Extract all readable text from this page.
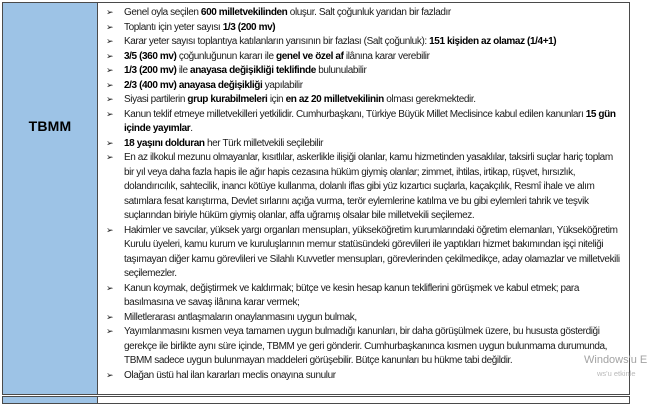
TBMM
➢	Genel oyla seçilen 600 milletvekilinden oluşur. Salt çoğunluk yarıdan bir fazladır
➢	Toplantı için yeter sayısı 1/3 (200 mv)
➢	Karar yeter sayısı toplantıya katılanların yarısının bir fazlası (Salt çoğunluk): 151 kişiden az olamaz (1/4+1)
➢	3/5 (360 mv) çoğunluğunun kararı ile genel ve özel af ilânına karar verebilir
➢	1/3 (200 mv) ile anayasa değişikliği teklifinde bulunulabilir
➢	2/3 (400 mv) anayasa değişikliği yapılabilir
➢	Siyasi partilerin grup kurabilmeleri için en az 20 milletvekilinin olması gerekmektedir.
➢	Kanun teklif etmeye milletvekilleri yetkilidir. Cumhurbaşkanı, Türkiye Büyük Millet Meclisince kabul edilen kanunları 15 gün içinde yayımlar.
➢	18 yaşını dolduran her Türk milletvekili seçilebilir
➢	En az ilkokul mezunu olmayanlar, kısıtlılar, askerlikle ilişiği olanlar, kamu hizmetinden yasaklılar, taksirli suçlar hariç toplam bir yıl veya daha fazla hapis ile ağır hapis cezasına hüküm giymiş olanlar; zimmet, ihtilas, irtikap, rüşvet, hırsızlık, dolandırıcılık, sahtecilik, inancı kötüye kullanma, dolanlı iflas gibi yüz kızartıcı suçlarla, kaçakçılık, Resmî ihale ve alım satımlara fesat karıştırma, Devlet sırlarını açığa vurma, terör eylemlerine katılma ve bu gibi eylemleri tahrik ve teşvik suçlarından biriyle hüküm giymiş olanlar, affa uğramış olsalar bile milletvekili seçilemez.
➢	Hakimler ve savcılar, yüksek yargı organları mensupları, yükseköğretim kurumlarındaki öğretim elemanları, Yükseköğretim Kurulu üyeleri, kamu kurum ve kuruluşlarının memur statüsündeki görevlileri ile yaptıkları hizmet bakımından işçi niteliği taşımayan diğer kamu görevlileri ve Silahlı Kuvvetler mensupları, görevlerinden çekilmedikçe, aday olamazlar ve milletvekili seçilemezler.
➢	Kanun koymak, değiştirmek ve kaldırmak; bütçe ve kesin hesap kanun tekliflerini görüşmek ve kabul etmek; para basılmasına ve savaş ilânına karar vermek;
➢	Milletlerarası antlaşmaların onaylanmasını uygun bulmak,
➢	Yayımlanmasını kısmen veya tamamen uygun bulmadığı kanunları, bir daha görüşülmek üzere, bu hususta gösterdiği gerekçe ile birlikte aynı süre içinde, TBMM ye geri gönderir. Cumhurbaşkanınca kısmen uygun bulunmama durumunda, TBMM sadece uygun bulunmayan maddeleri görüşebilir. Bütçe kanunları bu hükme tabi değildir.
➢	Olağan üstü hal ilan kararları meclis onayına sunulur
Windows'u E
ws'u etkinle
